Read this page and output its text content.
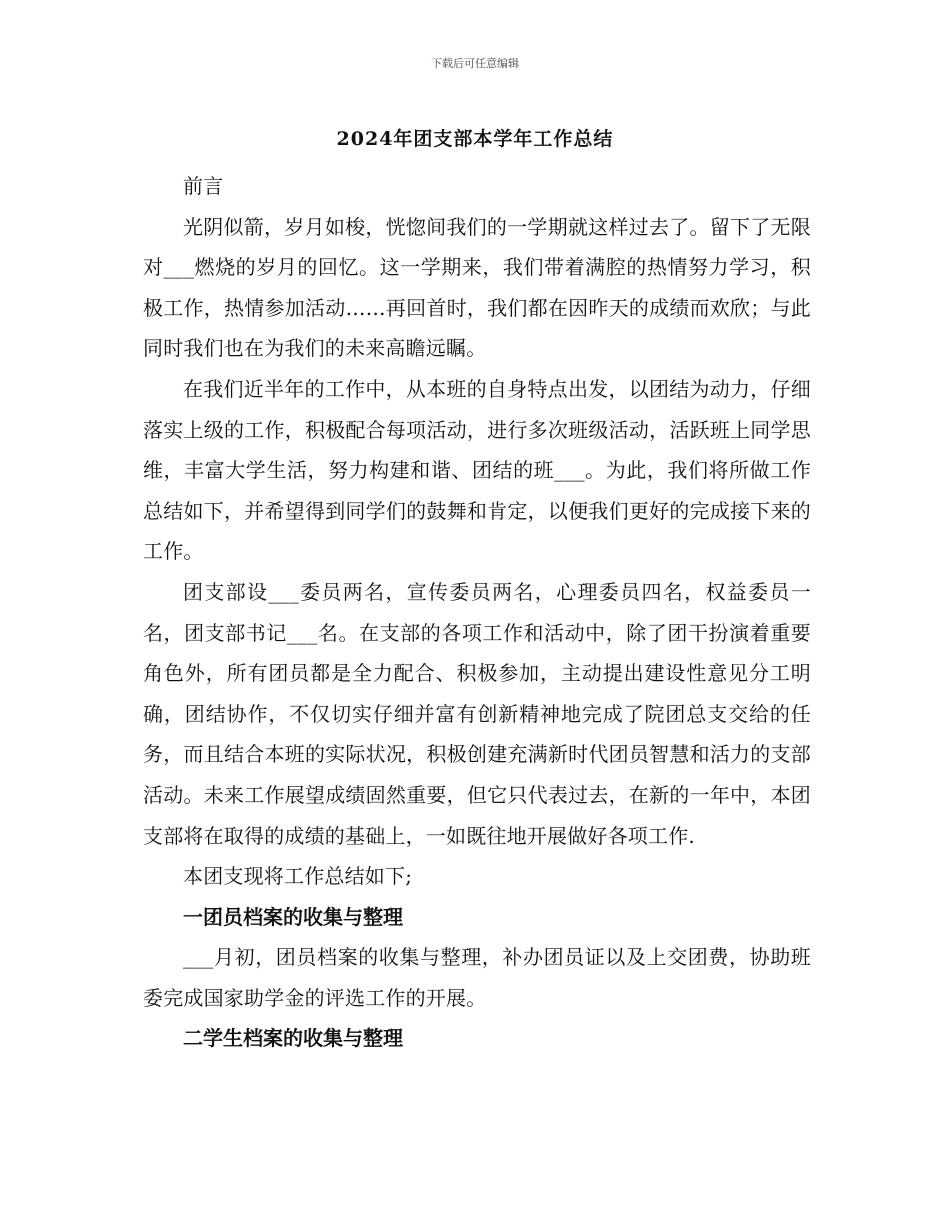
下载后可任意编辑
2024年团支部本学年工作总结

前言

光阴似箭，岁月如梭，恍惚间我们的一学期就这样过去了。留下了无限对___燃烧的岁月的回忆。这一学期来，我们带着满腔的热情努力学习，积极工作，热情参加活动……再回首时，我们都在因昨天的成绩而欢欣；与此同时我们也在为我们的未来高瞻远瞩。

在我们近半年的工作中，从本班的自身特点出发，以团结为动力，仔细落实上级的工作，积极配合每项活动，进行多次班级活动，活跃班上同学思维，丰富大学生活，努力构建和谐、团结的班___。为此，我们将所做工作总结如下，并希望得到同学们的鼓舞和肯定，以便我们更好的完成接下来的工作。

团支部设___委员两名，宣传委员两名，心理委员四名，权益委员一名，团支部书记___名。在支部的各项工作和活动中，除了团干扮演着重要角色外，所有团员都是全力配合、积极参加，主动提出建设性意见分工明确，团结协作，不仅切实仔细并富有创新精神地完成了院团总支交给的任务，而且结合本班的实际状况，积极创建充满新时代团员智慧和活力的支部活动。未来工作展望成绩固然重要，但它只代表过去，在新的一年中，本团支部将在取得的成绩的基础上，一如既往地开展做好各项工作.

本团支现将工作总结如下;

一团员档案的收集与整理

___月初，团员档案的收集与整理，补办团员证以及上交团费，协助班委完成国家助学金的评选工作的开展。

二学生档案的收集与整理
